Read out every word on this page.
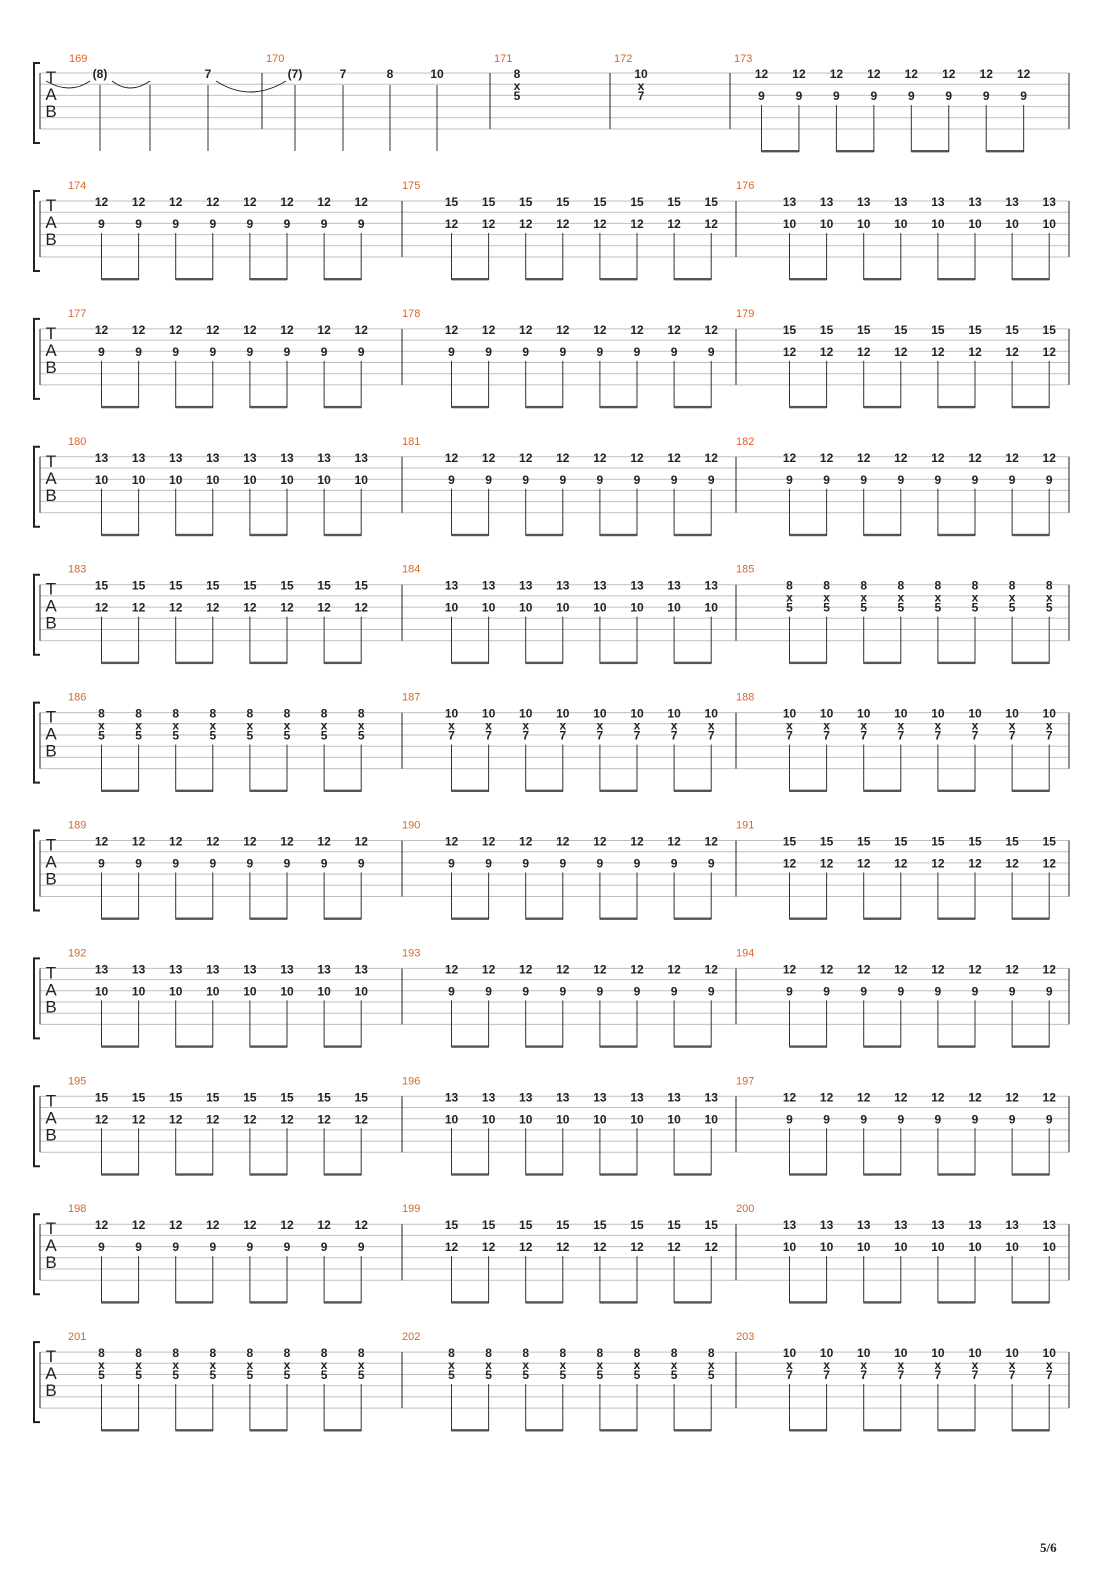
T
A
B
169	170	171	172	173
(8)	7	(7)	7	8	10	8
x
5
10
x
7
12
9
12
9
12
9
12
9
12
9
12
9
12
9
12
9
T
A
B
174
12
9
12
9
12
9
12
9
12
9
12
9
12
9
12
9
175
15
12
15
12
15
12
15
12
15
12
15
12
15
12
15
12
176
13
10
13
10
13
10
13
10
13
10
13
10
13
10
13
10
T
A
B
177
12
9
12
9
12
9
12
9
12
9
12
9
12
9
12
9
178
12
9
12
9
12
9
12
9
12
9
12
9
12
9
12
9
179
15
12
15
12
15
12
15
12
15
12
15
12
15
12
15
12
T
A
B
180
13
10
13
10
13
10
13
10
13
10
13
10
13
10
13
10
181
12
9
12
9
12
9
12
9
12
9
12
9
12
9
12
9
182
12
9
12
9
12
9
12
9
12
9
12
9
12
9
12
9
T
A
B
183
15
12
15
12
15
12
15
12
15
12
15
12
15
12
15
12
184
13
10
13
10
13
10
13
10
13
10
13
10
13
10
13
10
185
8
x
5
8
x
5
8
x
5
8
x
5
8
x
5
8
x
5
8
x
5
8
x
5
T
A
B
186
8
x
5
8
x
5
8
x
5
8
x
5
8
x
5
8
x
5
8
x
5
8
x
5
187
10
x
7
10
x
7
10
x
7
10
x
7
10
x
7
10
x
7
10
x
7
10
x
7
188
10
x
7
10
x
7
10
x
7
10
x
7
10
x
7
10
x
7
10
x
7
10
x
7
T
A
B
189
12
9
12
9
12
9
12
9
12
9
12
9
12
9
12
9
190
12
9
12
9
12
9
12
9
12
9
12
9
12
9
12
9
191
15
12
15
12
15
12
15
12
15
12
15
12
15
12
15
12
T
A
B
192
13
10
13
10
13
10
13
10
13
10
13
10
13
10
13
10
193
12
9
12
9
12
9
12
9
12
9
12
9
12
9
12
9
194
12
9
12
9
12
9
12
9
12
9
12
9
12
9
12
9
T
A
B
195
15
12
15
12
15
12
15
12
15
12
15
12
15
12
15
12
196
13
10
13
10
13
10
13
10
13
10
13
10
13
10
13
10
197
12
9
12
9
12
9
12
9
12
9
12
9
12
9
12
9
T
A
B
198
12
9
12
9
12
9
12
9
12
9
12
9
12
9
12
9
199
15
12
15
12
15
12
15
12
15
12
15
12
15
12
15
12
200
13
10
13
10
13
10
13
10
13
10
13
10
13
10
13
10
T
A
B
201
8
x
5
8
x
5
8
x
5
8
x
5
8
x
5
8
x
5
8
x
5
8
x
5
202
8
x
5
8
x
5
8
x
5
8
x
5
8
x
5
8
x
5
8
x
5
8
x
5
203
10
x
7
10
x
7
10
x
7
10
x
7
10
x
7
10
x
7
10
x
7
10
x
7
5/6
